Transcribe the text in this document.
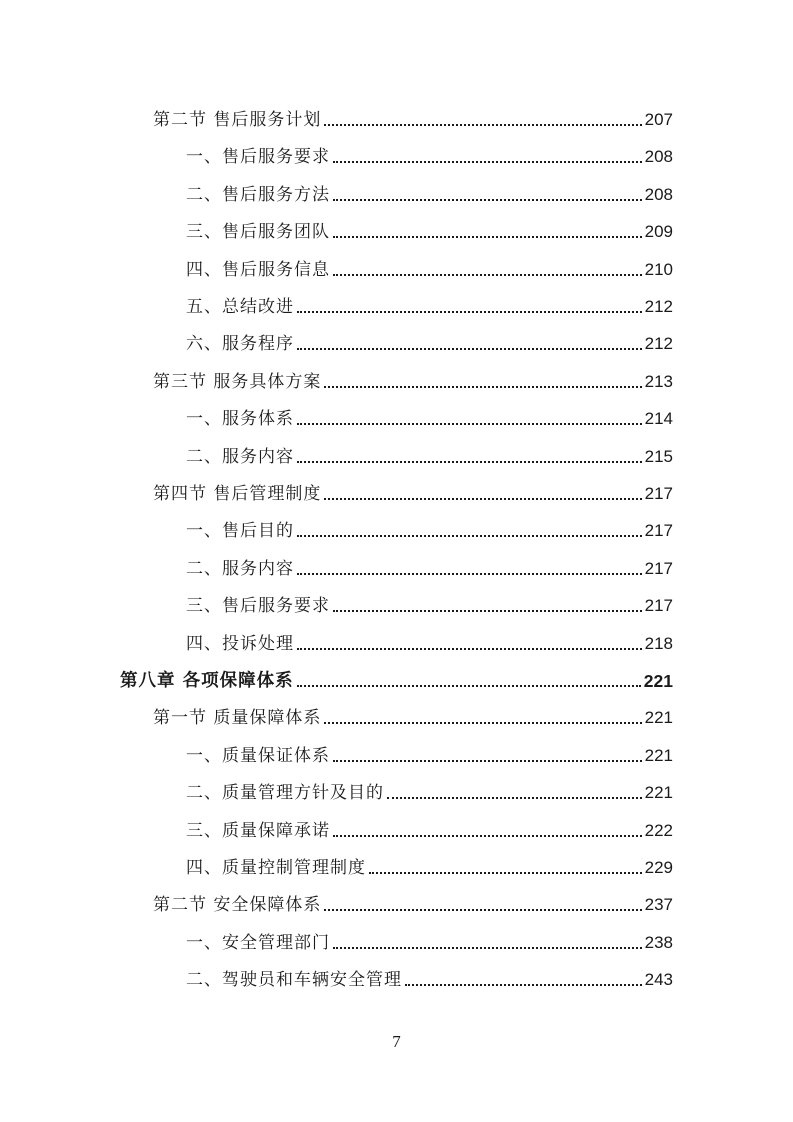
第二节 售后服务计划	207
一、售后服务要求	208
二、售后服务方法	208
三、售后服务团队	209
四、售后服务信息	210
五、总结改进	212
六、服务程序	212
第三节 服务具体方案	213
一、服务体系	214
二、服务内容	215
第四节 售后管理制度	217
一、售后目的	217
二、服务内容	217
三、售后服务要求	217
四、投诉处理	218
第八章 各项保障体系	221
第一节 质量保障体系	221
一、质量保证体系	221
二、质量管理方针及目的	221
三、质量保障承诺	222
四、质量控制管理制度	229
第二节 安全保障体系	237
一、安全管理部门	238
二、驾驶员和车辆安全管理	243
7
